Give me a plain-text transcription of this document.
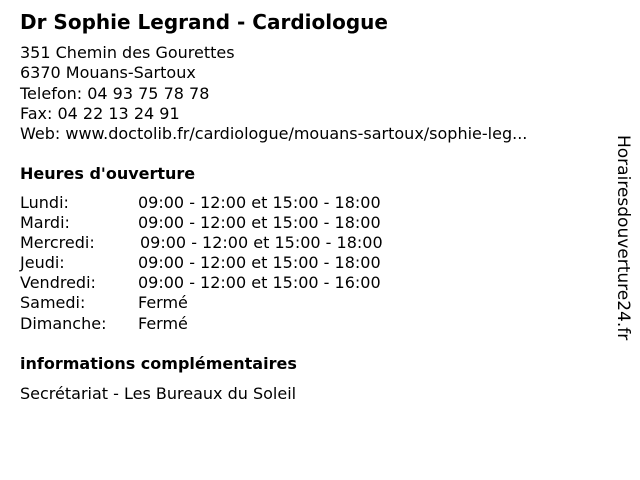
Dr Sophie Legrand - Cardiologue
351 Chemin des Gourettes
6370 Mouans-Sartoux
Telefon: 04 93 75 78 78
Fax: 04 22 13 24 91
Web: www.doctolib.fr/cardiologue/mouans-sartoux/sophie-leg...
Heures d'ouverture
Lundi:	09:00 - 12:00 et 15:00 - 18:00
Mardi:	09:00 - 12:00 et 15:00 - 18:00
Mercredi:	09:00 - 12:00 et 15:00 - 18:00
Jeudi:	09:00 - 12:00 et 15:00 - 18:00
Vendredi:	09:00 - 12:00 et 15:00 - 16:00
Samedi:	Fermé
Dimanche:	Fermé
informations complémentaires
Secrétariat - Les Bureaux du Soleil
Horairesdouverture24.fr
